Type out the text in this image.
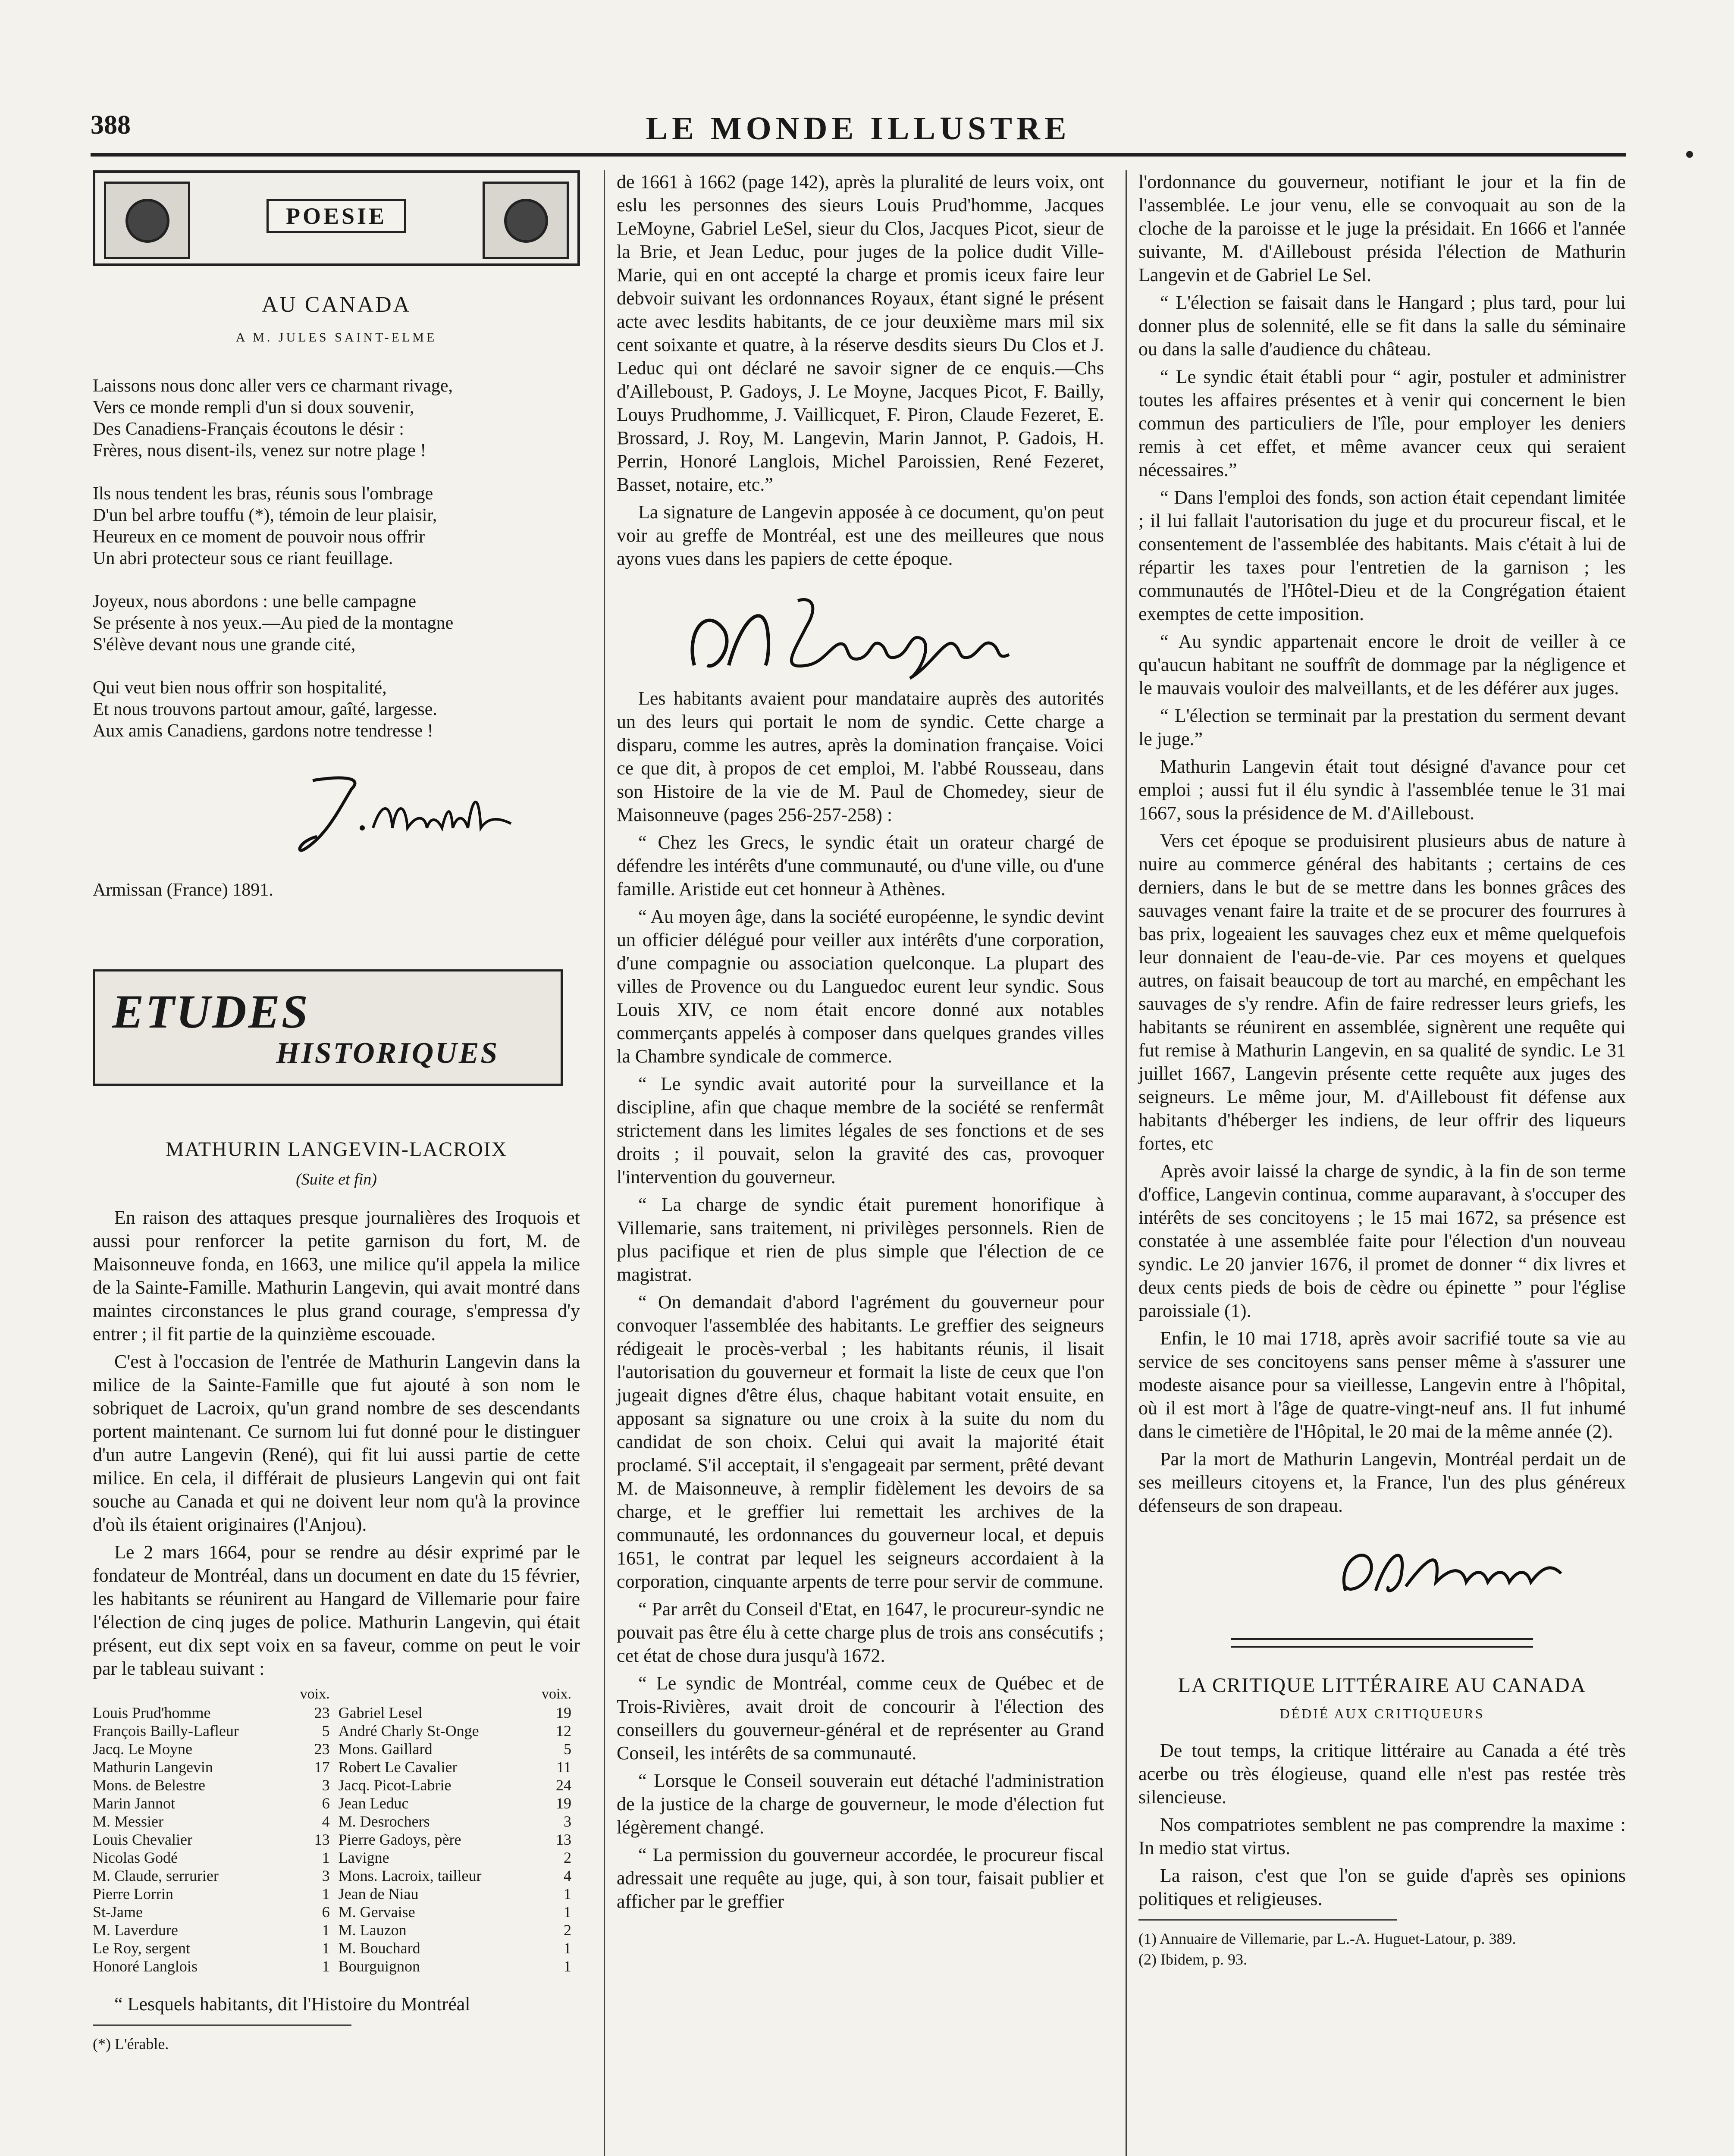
388	LE MONDE ILLUSTRE
POESIE
AU CANADA
A M. JULES SAINT-ELME
Laissons nous donc aller vers ce charmant rivage,
Vers ce monde rempli d'un si doux souvenir,
Des Canadiens-Français écoutons le désir :
Frères, nous disent-ils, venez sur notre plage !
Ils nous tendent les bras, réunis sous l'ombrage
D'un bel arbre touffu (*), témoin de leur plaisir,
Heureux en ce moment de pouvoir nous offrir
Un abri protecteur sous ce riant feuillage.
Joyeux, nous abordons : une belle campagne
Se présente à nos yeux.—Au pied de la montagne
S'élève devant nous une grande cité,
Qui veut bien nous offrir son hospitalité,
Et nous trouvons partout amour, gaîté, largesse.
Aux amis Canadiens, gardons notre tendresse !
Armissan (France) 1891.
ETUDES
HISTORIQUES
MATHURIN LANGEVIN-LACROIX
(Suite et fin)

En raison des attaques presque journalières des Iroquois et aussi pour renforcer la petite garnison du fort, M. de Maisonneuve fonda, en 1663, une milice qu'il appela la milice de la Sainte-Famille. Mathurin Langevin, qui avait montré dans maintes circonstances le plus grand courage, s'empressa d'y entrer ; il fit partie de la quinzième escouade.

C'est à l'occasion de l'entrée de Mathurin Langevin dans la milice de la Sainte-Famille que fut ajouté à son nom le sobriquet de Lacroix, qu'un grand nombre de ses descendants portent maintenant. Ce surnom lui fut donné pour le distinguer d'un autre Langevin (René), qui fit lui aussi partie de cette milice. En cela, il différait de plusieurs Langevin qui ont fait souche au Canada et qui ne doivent leur nom qu'à la province d'où ils étaient originaires (l'Anjou).

Le 2 mars 1664, pour se rendre au désir exprimé par le fondateur de Montréal, dans un document en date du 15 février, les habitants se réunirent au Hangard de Villemarie pour faire l'élection de cinq juges de police. Mathurin Langevin, qui était présent, eut dix sept voix en sa faveur, comme on peut le voir par le tableau suivant :

	voix.		voix.
Louis Prud'homme	23	Gabriel Lesel	19
François Bailly-Lafleur	5	André Charly St-Onge	12
Jacq. Le Moyne	23	Mons. Gaillard	5
Mathurin Langevin	17	Robert Le Cavalier	11
Mons. de Belestre	3	Jacq. Picot-Labrie	24
Marin Jannot	6	Jean Leduc	19
M. Messier	4	M. Desrochers	3
Louis Chevalier	13	Pierre Gadoys, père	13
Nicolas Godé	1	Lavigne	2
M. Claude, serrurier	3	Mons. Lacroix, tailleur	4
Pierre Lorrin	1	Jean de Niau	1
St-Jame	6	M. Gervaise	1
M. Laverdure	1	M. Lauzon	2
Le Roy, sergent	1	M. Bouchard	1
Honoré Langlois	1	Bourguignon	1

“ Lesquels habitants, dit l'Histoire du Montréal

(*) L'érable.

de 1661 à 1662 (page 142), après la pluralité de leurs voix, ont eslu les personnes des sieurs Louis Prud'homme, Jacques LeMoyne, Gabriel LeSel, sieur du Clos, Jacques Picot, sieur de la Brie, et Jean Leduc, pour juges de la police dudit Ville-Marie, qui en ont accepté la charge et promis iceux faire leur debvoir suivant les ordonnances Royaux, étant signé le présent acte avec lesdits habitants, de ce jour deuxième mars mil six cent soixante et quatre, à la réserve desdits sieurs Du Clos et J. Leduc qui ont déclaré ne savoir signer de ce enquis.—Chs d'Ailleboust, P. Gadoys, J. Le Moyne, Jacques Picot, F. Bailly, Louys Prudhomme, J. Vaillicquet, F. Piron, Claude Fezeret, E. Brossard, J. Roy, M. Langevin, Marin Jannot, P. Gadois, H. Perrin, Honoré Langlois, Michel Paroissien, René Fezeret, Basset, notaire, etc.”

La signature de Langevin apposée à ce document, qu'on peut voir au greffe de Montréal, est une des meilleures que nous ayons vues dans les papiers de cette époque.

Les habitants avaient pour mandataire auprès des autorités un des leurs qui portait le nom de syndic. Cette charge a disparu, comme les autres, après la domination française. Voici ce que dit, à propos de cet emploi, M. l'abbé Rousseau, dans son Histoire de la vie de M. Paul de Chomedey, sieur de Maisonneuve (pages 256-257-258) :

“ Chez les Grecs, le syndic était un orateur chargé de défendre les intérêts d'une communauté, ou d'une ville, ou d'une famille. Aristide eut cet honneur à Athènes.

“ Au moyen âge, dans la société européenne, le syndic devint un officier délégué pour veiller aux intérêts d'une corporation, d'une compagnie ou association quelconque. La plupart des villes de Provence ou du Languedoc eurent leur syndic. Sous Louis XIV, ce nom était encore donné aux notables commerçants appelés à composer dans quelques grandes villes la Chambre syndicale de commerce.

“ Le syndic avait autorité pour la surveillance et la discipline, afin que chaque membre de la société se renfermât strictement dans les limites légales de ses fonctions et de ses droits ; il pouvait, selon la gravité des cas, provoquer l'intervention du gouverneur.

“ La charge de syndic était purement honorifique à Villemarie, sans traitement, ni privilèges personnels. Rien de plus pacifique et rien de plus simple que l'élection de ce magistrat.

“ On demandait d'abord l'agrément du gouverneur pour convoquer l'assemblée des habitants. Le greffier des seigneurs rédigeait le procès-verbal ; les habitants réunis, il lisait l'autorisation du gouverneur et formait la liste de ceux que l'on jugeait dignes d'être élus, chaque habitant votait ensuite, en apposant sa signature ou une croix à la suite du nom du candidat de son choix. Celui qui avait la majorité était proclamé. S'il acceptait, il s'engageait par serment, prêté devant M. de Maisonneuve, à remplir fidèlement les devoirs de sa charge, et le greffier lui remettait les archives de la communauté, les ordonnances du gouverneur local, et depuis 1651, le contrat par lequel les seigneurs accordaient à la corporation, cinquante arpents de terre pour servir de commune.

“ Par arrêt du Conseil d'Etat, en 1647, le procureur-syndic ne pouvait pas être élu à cette charge plus de trois ans consécutifs ; cet état de chose dura jusqu'à 1672.

“ Le syndic de Montréal, comme ceux de Québec et de Trois-Rivières, avait droit de concourir à l'élection des conseillers du gouverneur-général et de représenter au Grand Conseil, les intérêts de sa communauté.

“ Lorsque le Conseil souverain eut détaché l'administration de la justice de la charge de gouverneur, le mode d'élection fut légèrement changé.

“ La permission du gouverneur accordée, le procureur fiscal adressait une requête au juge, qui, à son tour, faisait publier et afficher par le greffier

l'ordonnance du gouverneur, notifiant le jour et la fin de l'assemblée. Le jour venu, elle se convoquait au son de la cloche de la paroisse et le juge la présidait. En 1666 et l'année suivante, M. d'Ailleboust présida l'élection de Mathurin Langevin et de Gabriel Le Sel.

“ L'élection se faisait dans le Hangard ; plus tard, pour lui donner plus de solennité, elle se fit dans la salle du séminaire ou dans la salle d'audience du château.

“ Le syndic était établi pour “ agir, postuler et administrer toutes les affaires présentes et à venir qui concernent le bien commun des particuliers de l'île, pour employer les deniers remis à cet effet, et même avancer ceux qui seraient nécessaires.”

“ Dans l'emploi des fonds, son action était cependant limitée ; il lui fallait l'autorisation du juge et du procureur fiscal, et le consentement de l'assemblée des habitants. Mais c'était à lui de répartir les taxes pour l'entretien de la garnison ; les communautés de l'Hôtel-Dieu et de la Congrégation étaient exemptes de cette imposition.

“ Au syndic appartenait encore le droit de veiller à ce qu'aucun habitant ne souffrît de dommage par la négligence et le mauvais vouloir des malveillants, et de les déférer aux juges.

“ L'élection se terminait par la prestation du serment devant le juge.”

Mathurin Langevin était tout désigné d'avance pour cet emploi ; aussi fut il élu syndic à l'assemblée tenue le 31 mai 1667, sous la présidence de M. d'Ailleboust.

Vers cet époque se produisirent plusieurs abus de nature à nuire au commerce général des habitants ; certains de ces derniers, dans le but de se mettre dans les bonnes grâces des sauvages venant faire la traite et de se procurer des fourrures à bas prix, logeaient les sauvages chez eux et même quelquefois leur donnaient de l'eau-de-vie. Par ces moyens et quelques autres, on faisait beaucoup de tort au marché, en empêchant les sauvages de s'y rendre. Afin de faire redresser leurs griefs, les habitants se réunirent en assemblée, signèrent une requête qui fut remise à Mathurin Langevin, en sa qualité de syndic. Le 31 juillet 1667, Langevin présente cette requête aux juges des seigneurs. Le même jour, M. d'Ailleboust fit défense aux habitants d'héberger les indiens, de leur offrir des liqueurs fortes, etc

Après avoir laissé la charge de syndic, à la fin de son terme d'office, Langevin continua, comme auparavant, à s'occuper des intérêts de ses concitoyens ; le 15 mai 1672, sa présence est constatée à une assemblée faite pour l'élection d'un nouveau syndic. Le 20 janvier 1676, il promet de donner “ dix livres et deux cents pieds de bois de cèdre ou épinette ” pour l'église paroissiale (1).

Enfin, le 10 mai 1718, après avoir sacrifié toute sa vie au service de ses concitoyens sans penser même à s'assurer une modeste aisance pour sa vieillesse, Langevin entre à l'hôpital, où il est mort à l'âge de quatre-vingt-neuf ans. Il fut inhumé dans le cimetière de l'Hôpital, le 20 mai de la même année (2).

Par la mort de Mathurin Langevin, Montréal perdait un de ses meilleurs citoyens et, la France, l'un des plus généreux défenseurs de son drapeau.

LA CRITIQUE LITTÉRAIRE AU CANADA
DÉDIÉ AUX CRITIQUEURS

De tout temps, la critique littéraire au Canada a été très acerbe ou très élogieuse, quand elle n'est pas restée très silencieuse.

Nos compatriotes semblent ne pas comprendre la maxime : In medio stat virtus.

La raison, c'est que l'on se guide d'après ses opinions politiques et religieuses.

(1) Annuaire de Villemarie, par L.-A. Huguet-Latour, p. 389.
(2) Ibidem, p. 93.
